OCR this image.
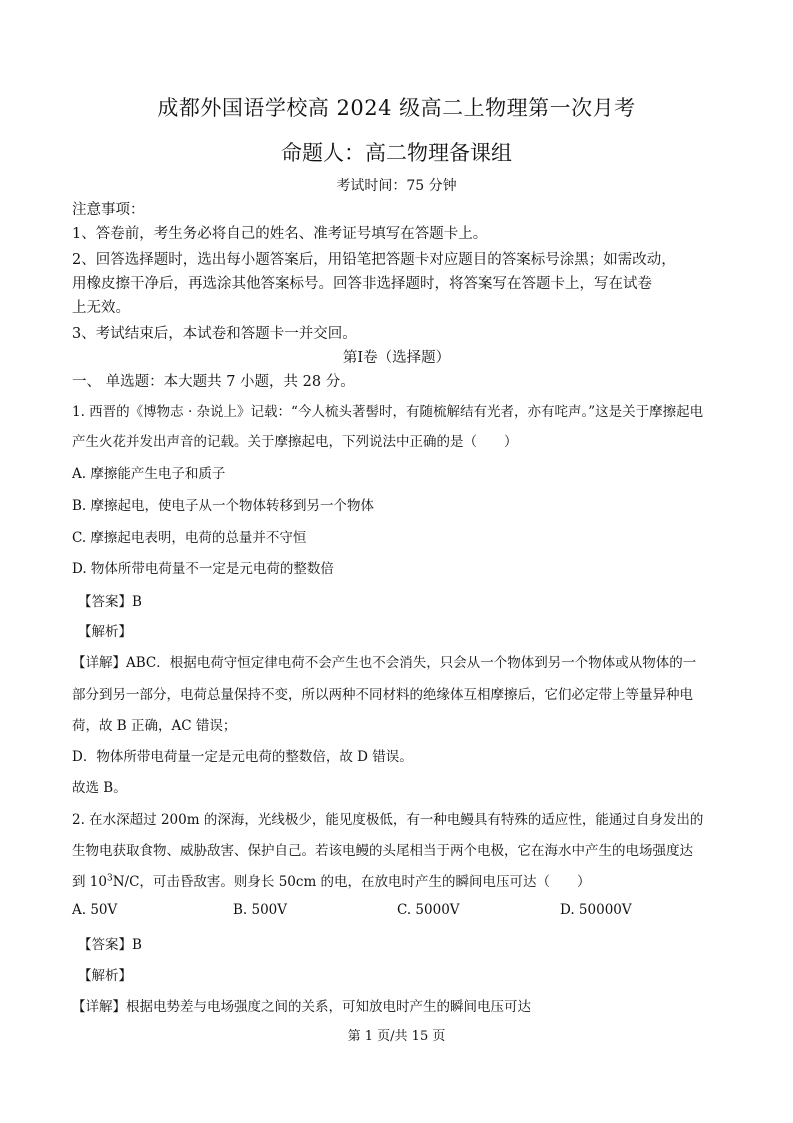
成都外国语学校高 2024 级高二上物理第一次月考
命题人：高二物理备课组
考试时间：75 分钟
注意事项：
1、答卷前，考生务必将自己的姓名、准考证号填写在答题卡上。
2、回答选择题时，选出每小题答案后，用铅笔把答题卡对应题目的答案标号涂黑；如需改动，
用橡皮擦干净后，再选涂其他答案标号。回答非选择题时，将答案写在答题卡上，写在试卷
上无效。
3、考试结束后，本试卷和答题卡一并交回。
第Ⅰ卷（选择题）
一、 单选题：本大题共 7 小题，共 28 分。
1. 西晋的《博物志 · 杂说上》记载：“今人梳头著髻时，有随梳解结有光者，亦有咤声。”这是关于摩擦起电
产生火花并发出声音的记载。关于摩擦起电，下列说法中正确的是（　　）
A. 摩擦能产生电子和质子
B. 摩擦起电，使电子从一个物体转移到另一个物体
C. 摩擦起电表明，电荷的总量并不守恒
D. 物体所带电荷量不一定是元电荷的整数倍
【答案】B
【解析】
【详解】ABC．根据电荷守恒定律电荷不会产生也不会消失，只会从一个物体到另一个物体或从物体的一
部分到另一部分，电荷总量保持不变，所以两种不同材料的绝缘体互相摩擦后，它们必定带上等量异种电
荷，故 B 正确，AC 错误；
D．物体所带电荷量一定是元电荷的整数倍，故 D 错误。
故选 B。
2. 在水深超过 200m 的深海，光线极少，能见度极低，有一种电鳗具有特殊的适应性，能通过自身发出的
生物电获取食物、威胁敌害、保护自己。若该电鳗的头尾相当于两个电极，它在海水中产生的电场强度达
到 $10^3N/C$，可击昏敌害。则身长 50cm 的电，在放电时产生的瞬间电压可达（　　）
A. 50V	B. 500V	C. 5000V	D. 50000V
【答案】B
【解析】
【详解】根据电势差与电场强度之间的关系，可知放电时产生的瞬间电压可达
第 1 页/共 15 页
